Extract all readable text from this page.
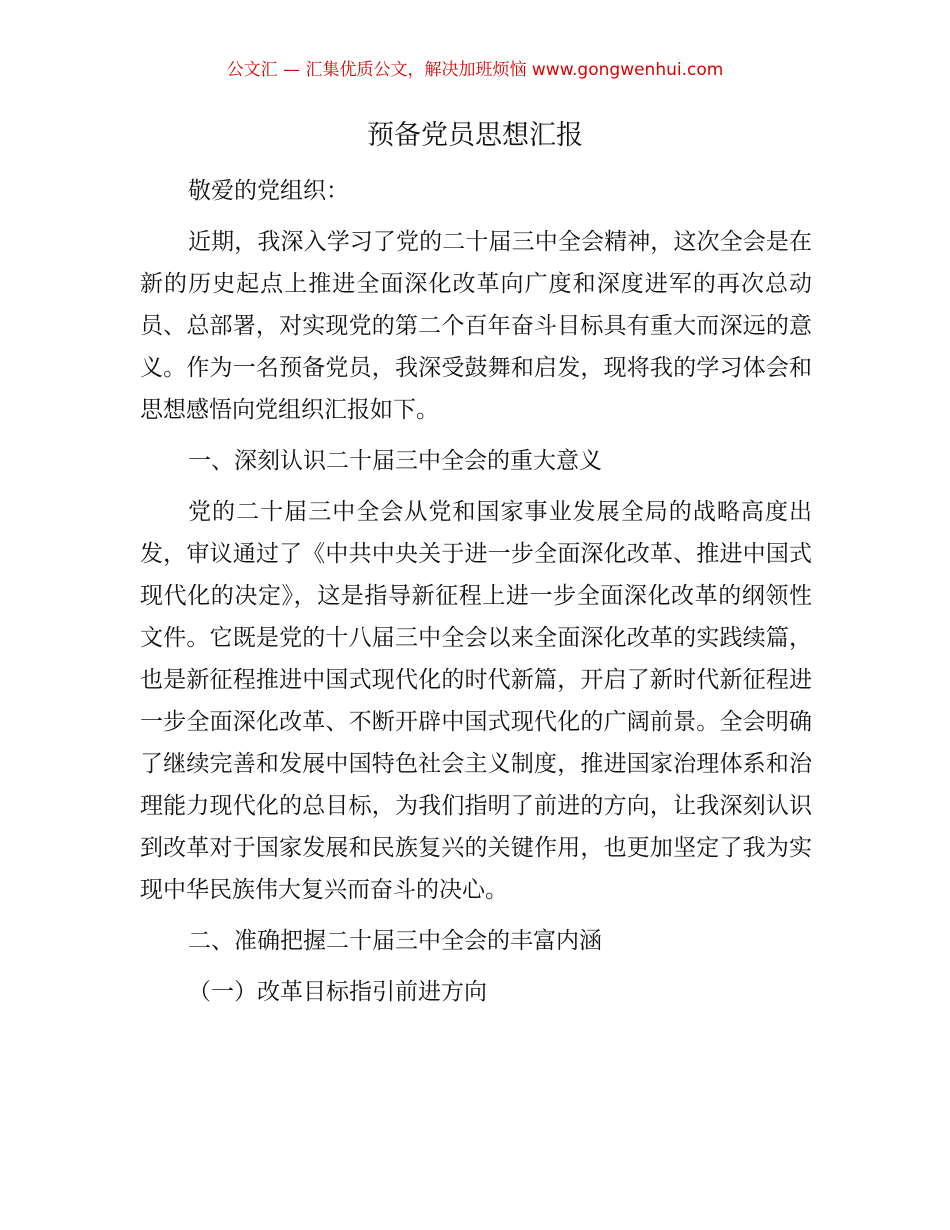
公文汇 — 汇集优质公文，解决加班烦恼 www.gongwenhui.com
预备党员思想汇报

敬爱的党组织：

近期，我深入学习了党的二十届三中全会精神，这次全会是在新的历史起点上推进全面深化改革向广度和深度进军的再次总动员、总部署，对实现党的第二个百年奋斗目标具有重大而深远的意义。作为一名预备党员，我深受鼓舞和启发，现将我的学习体会和思想感悟向党组织汇报如下。

一、深刻认识二十届三中全会的重大意义

党的二十届三中全会从党和国家事业发展全局的战略高度出发，审议通过了《中共中央关于进一步全面深化改革、推进中国式现代化的决定》，这是指导新征程上进一步全面深化改革的纲领性文件。它既是党的十八届三中全会以来全面深化改革的实践续篇，也是新征程推进中国式现代化的时代新篇，开启了新时代新征程进一步全面深化改革、不断开辟中国式现代化的广阔前景。全会明确了继续完善和发展中国特色社会主义制度，推进国家治理体系和治理能力现代化的总目标，为我们指明了前进的方向，让我深刻认识到改革对于国家发展和民族复兴的关键作用，也更加坚定了我为实现中华民族伟大复兴而奋斗的决心。

二、准确把握二十届三中全会的丰富内涵

（一）改革目标指引前进方向
